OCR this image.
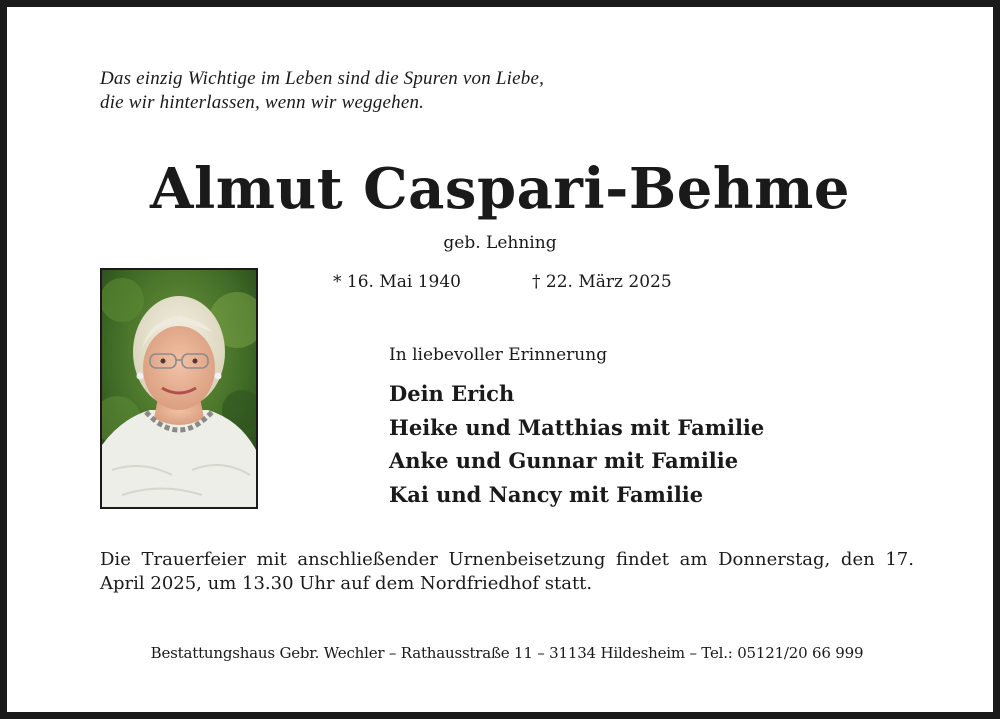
Das einzig Wichtige im Leben sind die Spuren von Liebe,
die wir hinterlassen, wenn wir weggehen.
Almut Caspari-Behme
geb. Lehning
* 16. Mai 1940	† 22. März 2025
In liebevoller Erinnerung
Dein Erich
Heike und Matthias mit Familie
Anke und Gunnar mit Familie
Kai und Nancy mit Familie
Die Trauerfeier mit anschließender Urnenbeisetzung findet am Donnerstag, den 17. April 2025, um 13.30 Uhr auf dem Nordfriedhof statt.
Bestattungshaus Gebr. Wechler – Rathausstraße 11 – 31134 Hildesheim – Tel.: 05121/20 66 999
